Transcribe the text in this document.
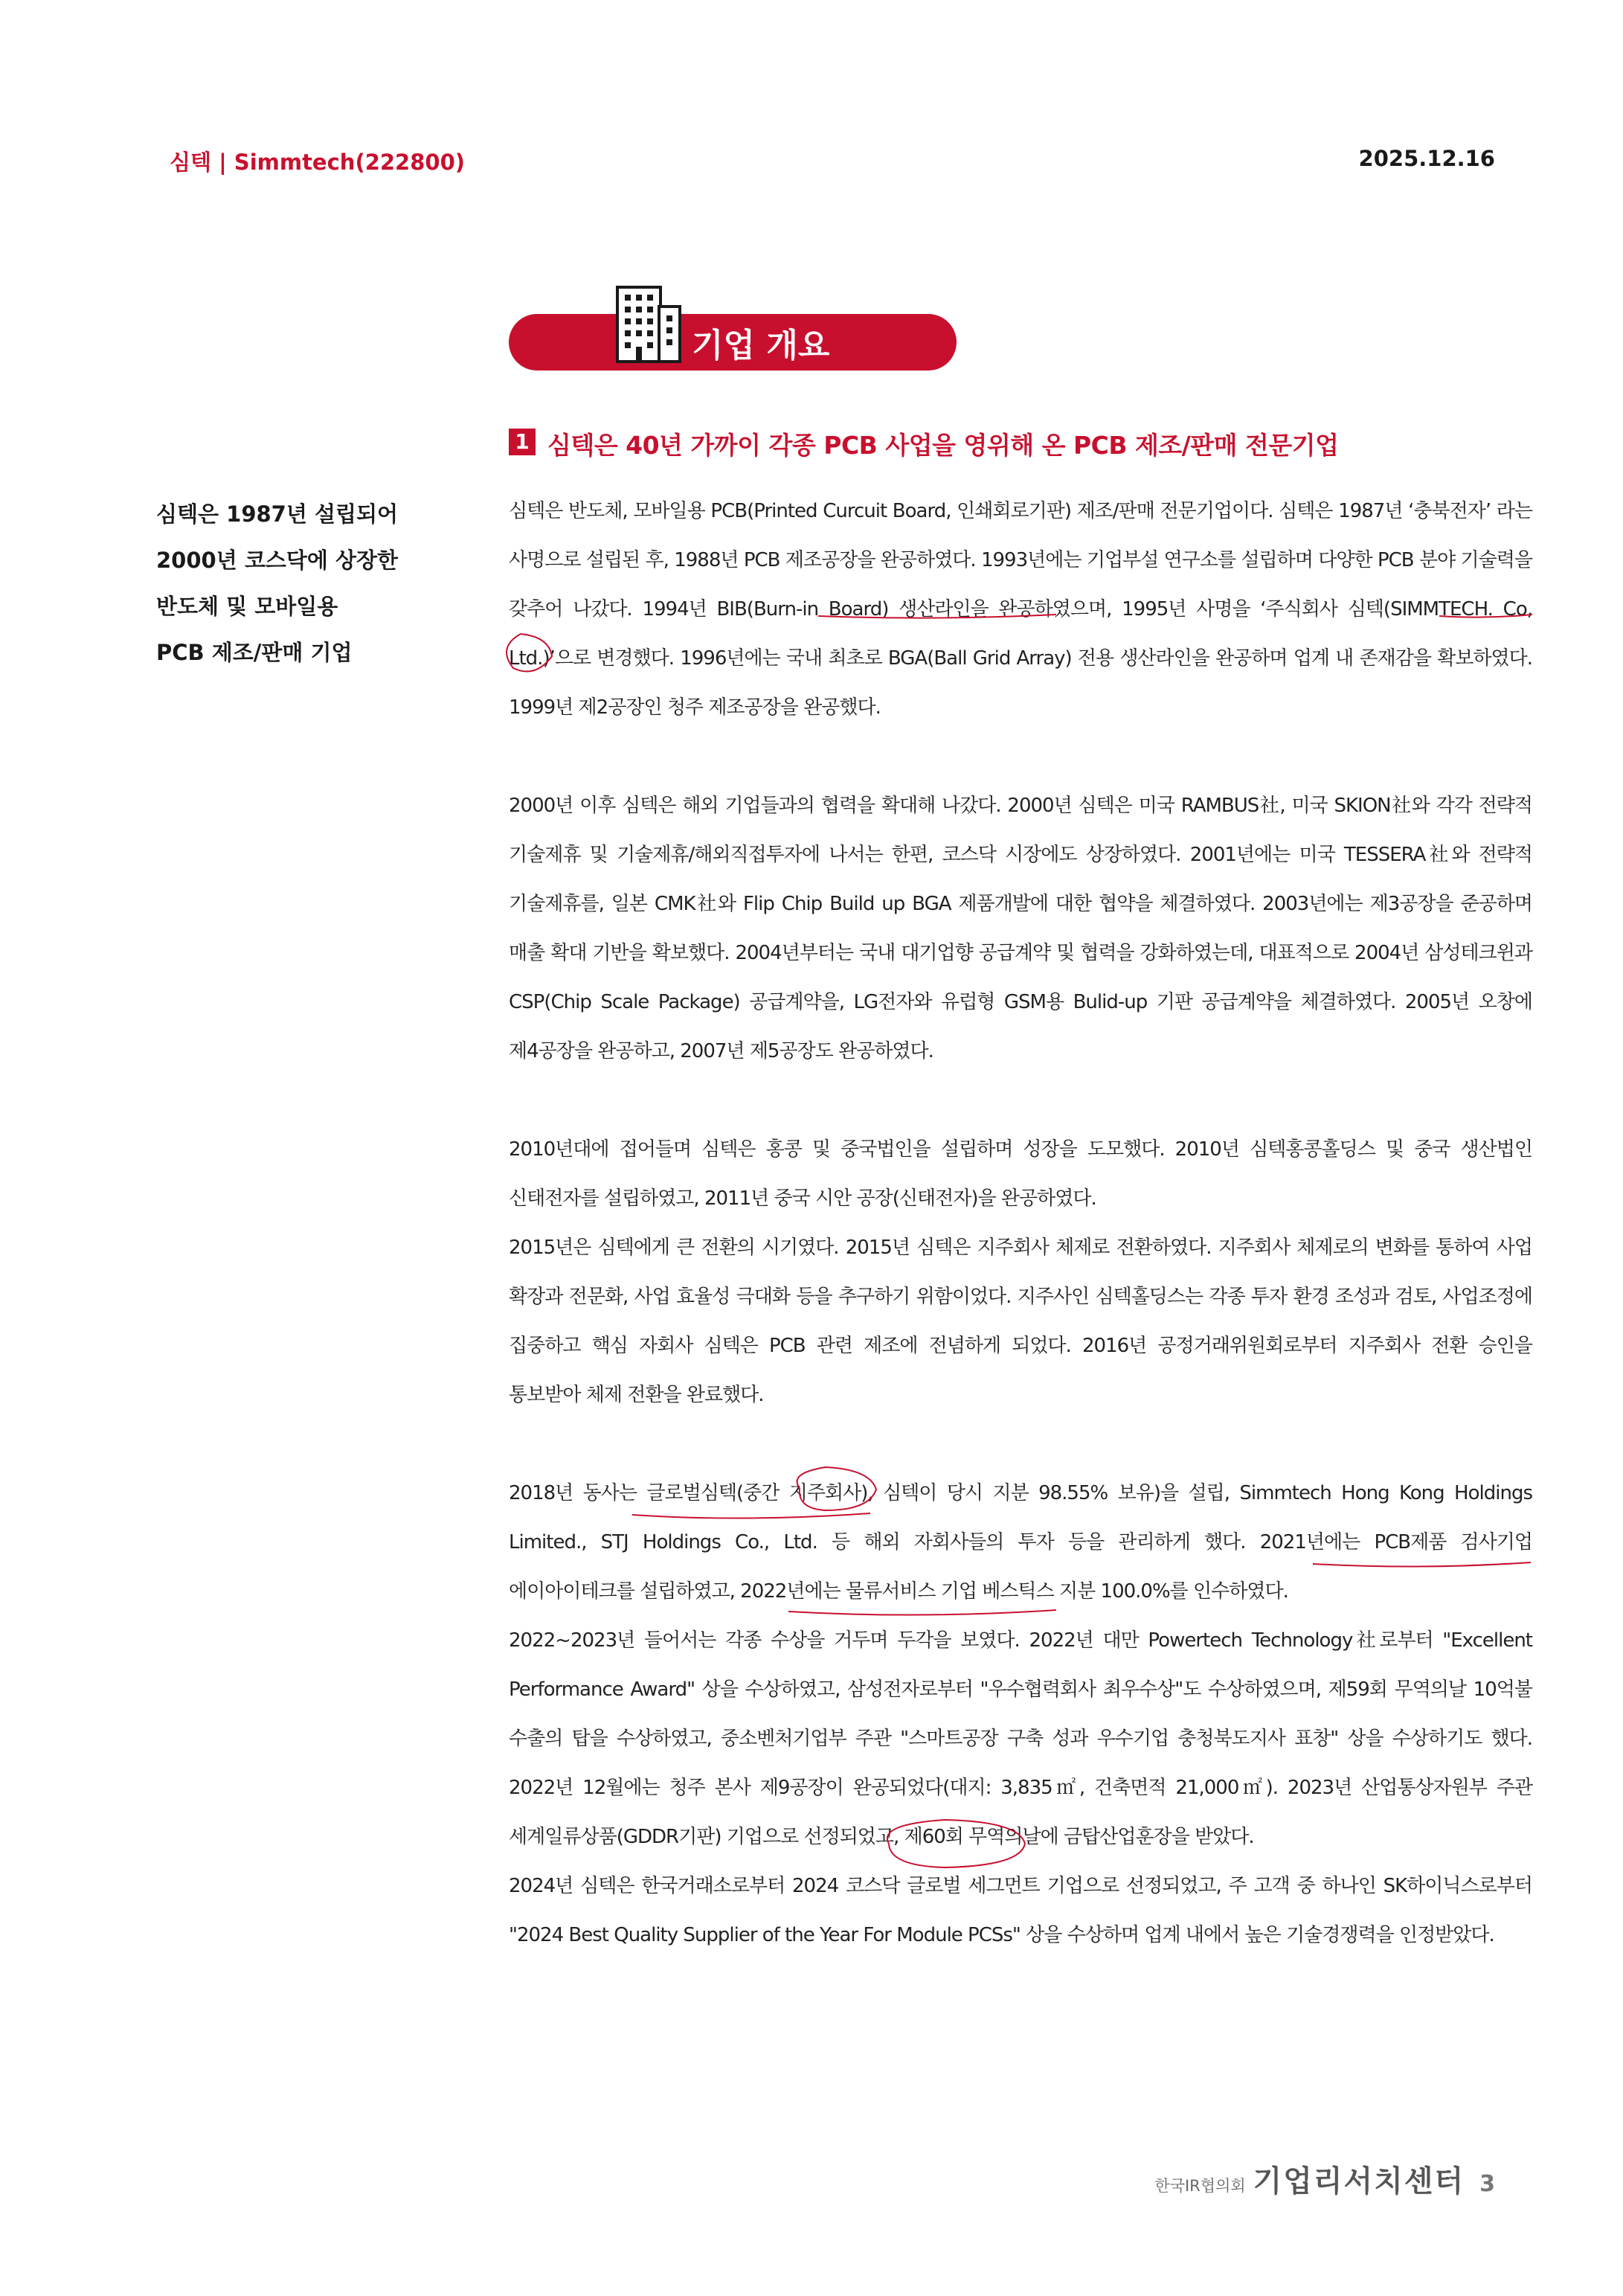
심텍 | Simmtech(222800)	2025.12.16
기업 개요
1 심텍은 40년 가까이 각종 PCB 사업을 영위해 온 PCB 제조/판매 전문기업
심텍은 1987년 설립되어
2000년 코스닥에 상장한
반도체 및 모바일용
PCB 제조/판매 기업

심텍은 반도체, 모바일용 PCB(Printed Curcuit Board, 인쇄회로기판) 제조/판매 전문기업이다. 심텍은 1987년 ‘충북전자’ 라는 사명으로 설립된 후, 1988년 PCB 제조공장을 완공하였다. 1993년에는 기업부설 연구소를 설립하며 다양한 PCB 분야 기술력을 갖추어 나갔다. 1994년 BIB(Burn-in Board) 생산라인을 완공하였으며, 1995년 사명을 ‘주식회사 심텍(SIMMTECH. Co, Ltd.)’으로 변경했다. 1996년에는 국내 최초로 BGA(Ball Grid Array) 전용 생산라인을 완공하며 업계 내 존재감을 확보하였다. 1999년 제2공장인 청주 제조공장을 완공했다.

2000년 이후 심텍은 해외 기업들과의 협력을 확대해 나갔다. 2000년 심텍은 미국 RAMBUS社, 미국 SKION社와 각각 전략적 기술제휴 및 기술제휴/해외직접투자에 나서는 한편, 코스닥 시장에도 상장하였다. 2001년에는 미국 TESSERA社와 전략적 기술제휴를, 일본 CMK社와 Flip Chip Build up BGA 제품개발에 대한 협약을 체결하였다. 2003년에는 제3공장을 준공하며 매출 확대 기반을 확보했다. 2004년부터는 국내 대기업향 공급계약 및 협력을 강화하였는데, 대표적으로 2004년 삼성테크윈과 CSP(Chip Scale Package) 공급계약을, LG전자와 유럽형 GSM용 Bulid-up 기판 공급계약을 체결하였다. 2005년 오창에 제4공장을 완공하고, 2007년 제5공장도 완공하였다.

2010년대에 접어들며 심텍은 홍콩 및 중국법인을 설립하며 성장을 도모했다. 2010년 심텍홍콩홀딩스 및 중국 생산법인 신태전자를 설립하였고, 2011년 중국 시안 공장(신태전자)을 완공하였다.

2015년은 심텍에게 큰 전환의 시기였다. 2015년 심텍은 지주회사 체제로 전환하였다. 지주회사 체제로의 변화를 통하여 사업 확장과 전문화, 사업 효율성 극대화 등을 추구하기 위함이었다. 지주사인 심텍홀딩스는 각종 투자 환경 조성과 검토, 사업조정에 집중하고 핵심 자회사 심텍은 PCB 관련 제조에 전념하게 되었다. 2016년 공정거래위원회로부터 지주회사 전환 승인을 통보받아 체제 전환을 완료했다.

2018년 동사는 글로벌심텍(중간 지주회사), 심텍이 당시 지분 98.55% 보유)을 설립, Simmtech Hong Kong Holdings Limited., STJ Holdings Co., Ltd. 등 해외 자회사들의 투자 등을 관리하게 했다. 2021년에는 PCB제품 검사기업 에이아이테크를 설립하였고, 2022년에는 물류서비스 기업 베스틱스 지분 100.0%를 인수하였다.

2022~2023년 들어서는 각종 수상을 거두며 두각을 보였다. 2022년 대만 Powertech Technology社로부터 "Excellent Performance Award" 상을 수상하였고, 삼성전자로부터 "우수협력회사 최우수상"도 수상하였으며, 제59회 무역의날 10억불 수출의 탑을 수상하였고, 중소벤처기업부 주관 "스마트공장 구축 성과 우수기업 충청북도지사 표창" 상을 수상하기도 했다. 2022년 12월에는 청주 본사 제9공장이 완공되었다(대지: 3,835㎡, 건축면적 21,000㎡). 2023년 산업통상자원부 주관 세계일류상품(GDDR기판) 기업으로 선정되었고, 제60회 무역의날에 금탑산업훈장을 받았다.

2024년 심텍은 한국거래소로부터 2024 코스닥 글로벌 세그먼트 기업으로 선정되었고, 주 고객 중 하나인 SK하이닉스로부터 "2024 Best Quality Supplier of the Year For Module PCSs" 상을 수상하며 업계 내에서 높은 기술경쟁력을 인정받았다.

한국IR협의회 기업리서치센터 3
